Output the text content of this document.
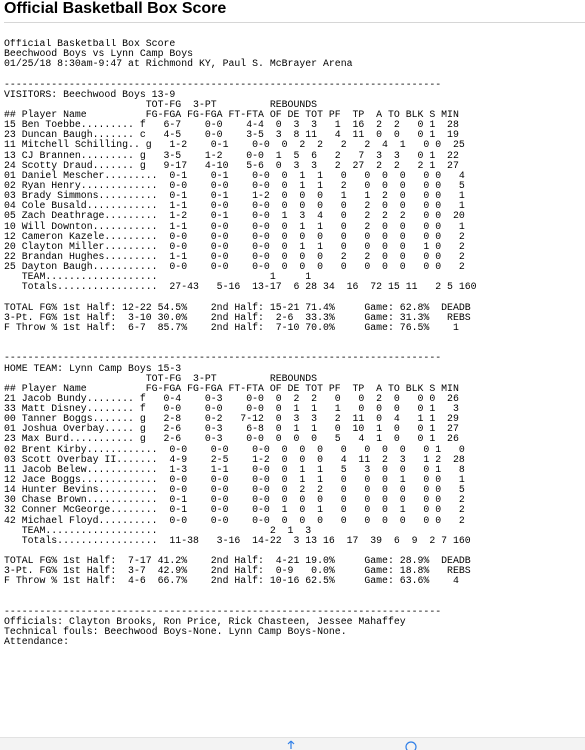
Official Basketball Box Score
Official Basketball Box Score
Beechwood Boys vs Lynn Camp Boys
01/25/18 8:30am-9:47 at Richmond KY, Paul S. McBrayer Arena
--------------------------------------------------------------------------
VISITORS: Beechwood Boys 13-9
TOT-FG  3-PT         REBOUNDS
## Player Name          FG-FGA FG-FGA FT-FTA OF DE TOT PF  TP  A TO BLK S MIN
15 Ben Toebbe......... f   6-7    0-0    4-4  0  3  3   1  16  2  2   0 1  28
23 Duncan Baugh....... c   4-5    0-0    3-5  3  8 11   4  11  0  0   0 1  19
11 Mitchell Schilling.. g   1-2    0-1    0-0  0  2  2   2   2  4  1   0 0  25
13 CJ Brannen......... g   3-5    1-2    0-0  1  5  6   2   7  3  3   0 1  22
24 Scotty Draud....... g   9-17   4-10   5-6  0  3  3   2  27  2  2   2 1  27
01 Daniel Mescher.........  0-1    0-1    0-0  0  1  1   0   0  0  0   0 0   4
02 Ryan Henry.............  0-0    0-0    0-0  0  1  1   2   0  0  0   0 0   5
03 Brady Simmons..........  0-1    0-1    1-2  0  0  0   1   1  2  0   0 0   1
04 Cole Busald............  1-1    0-0    0-0  0  0  0   0   2  0  0   0 0   1
05 Zach Deathrage.........  1-2    0-1    0-0  1  3  4   0   2  2  2   0 0  20
10 Will Downton...........  1-1    0-0    0-0  0  1  1   0   2  0  0   0 0   1
12 Cameron Kazele.........  0-0    0-0    0-0  0  0  0   0   0  0  0   0 0   2
20 Clayton Miller.........  0-0    0-0    0-0  0  1  1   0   0  0  0   1 0   2
22 Brandan Hughes.........  1-1    0-0    0-0  0  0  0   2   2  0  0   0 0   2
25 Dayton Baugh...........  0-0    0-0    0-0  0  0  0   0   0  0  0   0 0   2
TEAM...................                   1     1
Totals.................  27-43   5-16  13-17  6 28 34  16  72 15 11   2 5 160
TOTAL FG% 1st Half: 12-22 54.5%    2nd Half: 15-21 71.4%     Game: 62.8%  DEADB
3-Pt. FG% 1st Half:  3-10 30.0%    2nd Half:  2-6  33.3%     Game: 31.3%   REBS
F Throw % 1st Half:  6-7  85.7%    2nd Half:  7-10 70.0%     Game: 76.5%    1
--------------------------------------------------------------------------
HOME TEAM: Lynn Camp Boys 15-3
TOT-FG  3-PT         REBOUNDS
## Player Name          FG-FGA FG-FGA FT-FTA OF DE TOT PF  TP  A TO BLK S MIN
21 Jacob Bundy........ f   0-4    0-3    0-0  0  2  2   0   0  2  0   0 0  26
33 Matt Disney........ f   0-0    0-0    0-0  0  1  1   1   0  0  0   0 1   3
00 Tanner Boggs....... g   2-8    0-2   7-12  0  3  3   2  11  0  4   1 1  29
01 Joshua Overbay..... g   2-6    0-3    6-8  0  1  1   0  10  1  0   0 1  27
23 Max Burd........... g   2-6    0-3    0-0  0  0  0   5   4  1  0   0 1  26
02 Brent Kirby............  0-0    0-0    0-0  0  0  0   0   0  0  0   0 1   0
03 Scott Overbay II.......  4-9    2-5    1-2  0  0  0   4  11  2  3   1 2  28
11 Jacob Belew............  1-3    1-1    0-0  0  1  1   5   3  0  0   0 1   8
12 Jace Boggs.............  0-0    0-0    0-0  0  1  1   0   0  0  1   0 0   1
14 Hunter Bevins..........  0-0    0-0    0-0  0  2  2   0   0  0  0   0 0   5
30 Chase Brown............  0-1    0-0    0-0  0  0  0   0   0  0  0   0 0   2
32 Conner McGeorge........  0-1    0-0    0-0  1  0  1   0   0  0  1   0 0   2
42 Michael Floyd..........  0-0    0-0    0-0  0  0  0   0   0  0  0   0 0   2
TEAM...................                   2  1  3
Totals.................  11-38   3-16  14-22  3 13 16  17  39  6  9  2 7 160
TOTAL FG% 1st Half:  7-17 41.2%    2nd Half:  4-21 19.0%     Game: 28.9%  DEADB
3-Pt. FG% 1st Half:  3-7  42.9%    2nd Half:  0-9   0.0%     Game: 18.8%   REBS
F Throw % 1st Half:  4-6  66.7%    2nd Half: 10-16 62.5%     Game: 63.6%    4
--------------------------------------------------------------------------
Officials: Clayton Brooks, Ron Price, Rick Chasteen, Jessee Mahaffey
Technical fouls: Beechwood Boys-None. Lynn Camp Boys-None.
Attendance:
